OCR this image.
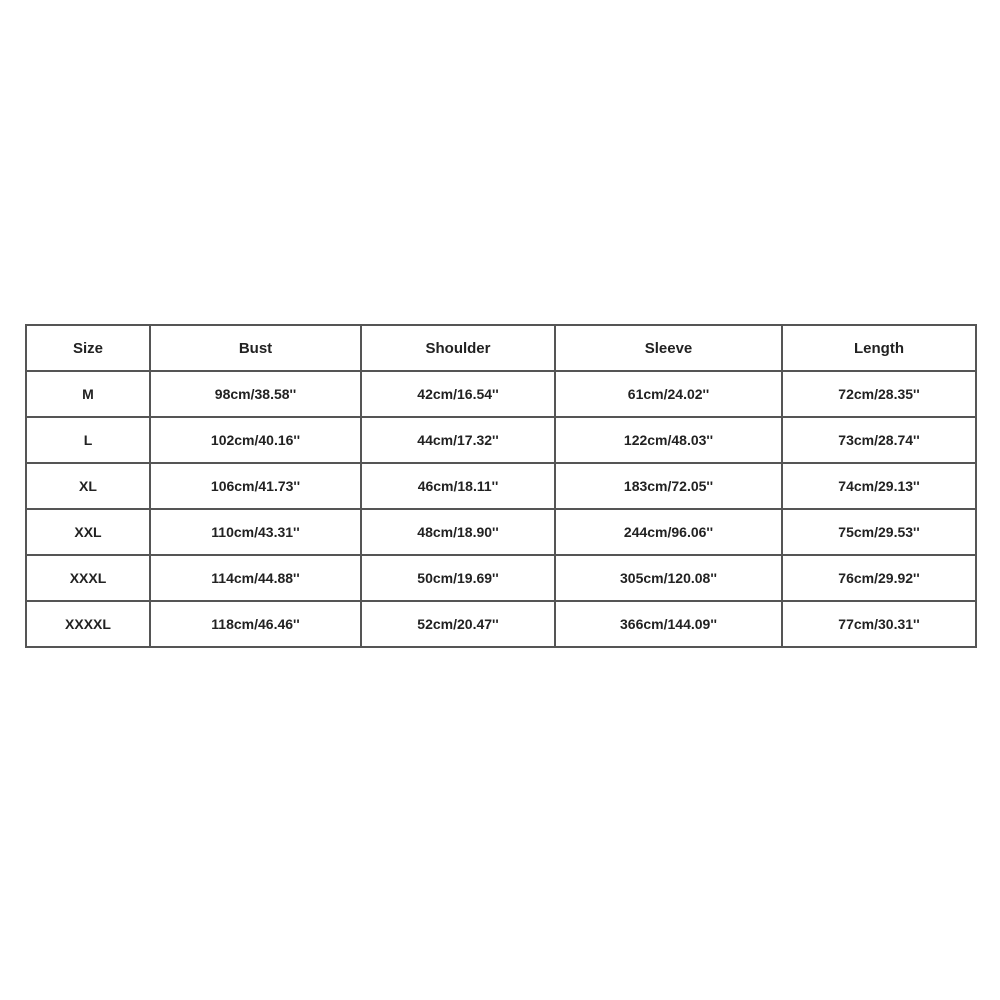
Size	Bust	Shoulder	Sleeve	Length
M	98cm/38.58''	42cm/16.54''	61cm/24.02''	72cm/28.35''
L	102cm/40.16''	44cm/17.32''	122cm/48.03''	73cm/28.74''
XL	106cm/41.73''	46cm/18.11''	183cm/72.05''	74cm/29.13''
XXL	110cm/43.31''	48cm/18.90''	244cm/96.06''	75cm/29.53''
XXXL	114cm/44.88''	50cm/19.69''	305cm/120.08''	76cm/29.92''
XXXXL	118cm/46.46''	52cm/20.47''	366cm/144.09''	77cm/30.31''
